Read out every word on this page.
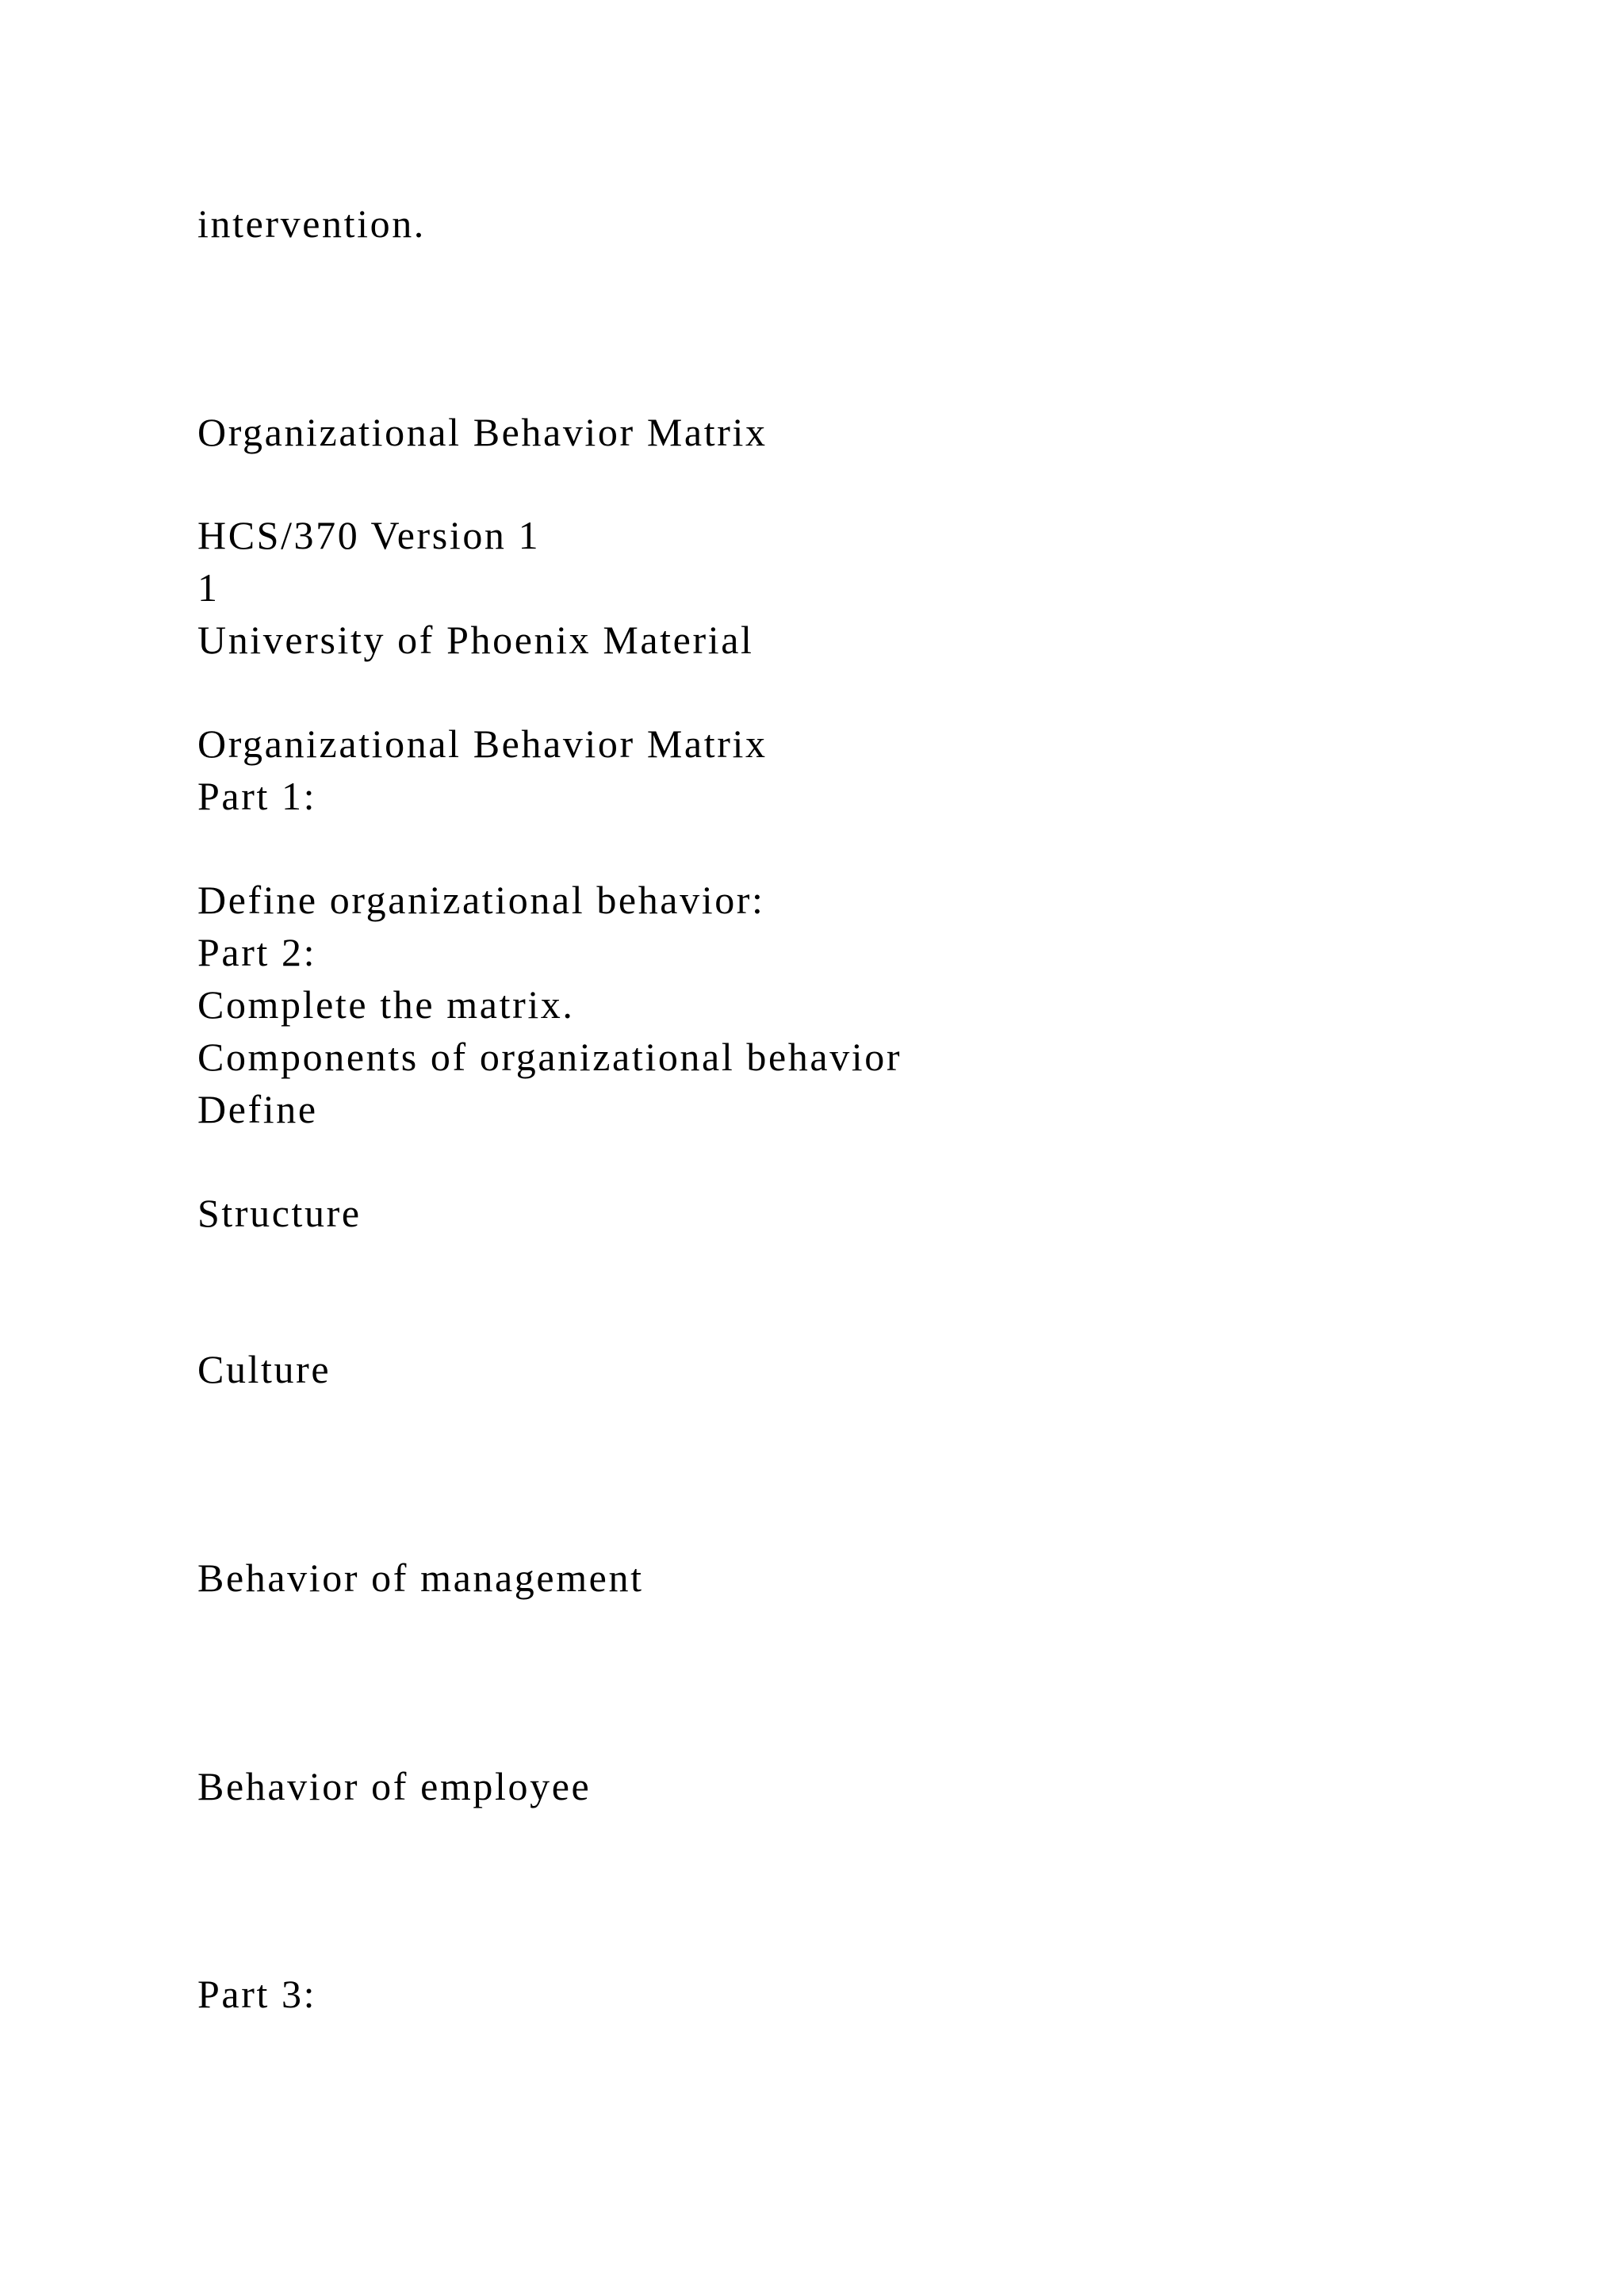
intervention.

Organizational Behavior Matrix

HCS/370 Version 1

1

University of Phoenix Material

Organizational Behavior Matrix

Part 1:

Define organizational behavior:

Part 2:

Complete the matrix.

Components of organizational behavior

Define

Structure

Culture

Behavior of management

Behavior of employee

Part 3:
